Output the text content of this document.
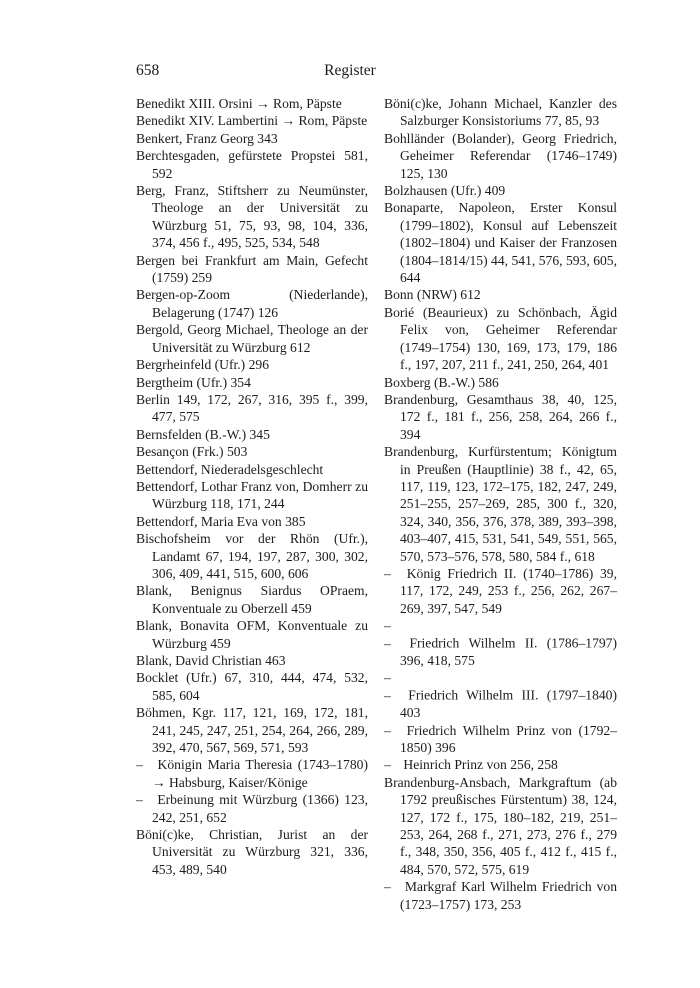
658	Register

Benedikt XIII. Orsini → Rom, Päpste

Benedikt XIV. Lambertini → Rom, Päpste

Benkert, Franz Georg 343

Berchtesgaden, gefürstete Propstei 581, 592

Berg, Franz, Stiftsherr zu Neumünster, Theologe an der Universität zu Würzburg 51, 75, 93, 98, 104, 336, 374, 456 f., 495, 525, 534, 548

Bergen bei Frankfurt am Main, Gefecht (1759) 259

Bergen-op-Zoom (Niederlande), Belagerung (1747) 126

Bergold, Georg Michael, Theologe an der Universität zu Würzburg 612

Bergrheinfeld (Ufr.) 296

Bergtheim (Ufr.) 354

Berlin 149, 172, 267, 316, 395 f., 399, 477, 575

Bernsfelden (B.-W.) 345

Besançon (Frk.) 503

Bettendorf, Niederadelsgeschlecht

Bettendorf, Lothar Franz von, Domherr zu Würzburg 118, 171, 244

Bettendorf, Maria Eva von 385

Bischofsheim vor der Rhön (Ufr.), Landamt 67, 194, 197, 287, 300, 302, 306, 409, 441, 515, 600, 606

Blank, Benignus Siardus OPraem, Konventuale zu Oberzell 459

Blank, Bonavita OFM, Konventuale zu Würzburg 459

Blank, David Christian 463

Bocklet (Ufr.) 67, 310, 444, 474, 532, 585, 604

Böhmen, Kgr. 117, 121, 169, 172, 181, 241, 245, 247, 251, 254, 264, 266, 289, 392, 470, 567, 569, 571, 593

– Königin Maria Theresia (1743–1780) → Habsburg, Kaiser/Könige

– Erbeinung mit Würzburg (1366) 123, 242, 251, 652

Böni(c)ke, Christian, Jurist an der Universität zu Würzburg 321, 336, 453, 489, 540

Böni(c)ke, Johann Michael, Kanzler des Salzburger Konsistoriums 77, 85, 93

Bohlländer (Bolander), Georg Friedrich, Geheimer Referendar (1746–1749) 125, 130

Bolzhausen (Ufr.) 409

Bonaparte, Napoleon, Erster Konsul (1799–1802), Konsul auf Lebenszeit (1802–1804) und Kaiser der Franzosen (1804–1814/15) 44, 541, 576, 593, 605, 644

Bonn (NRW) 612

Borié (Beaurieux) zu Schönbach, Ägid Felix von, Geheimer Referendar (1749–1754) 130, 169, 173, 179, 186 f., 197, 207, 211 f., 241, 250, 264, 401

Boxberg (B.-W.) 586

Brandenburg, Gesamthaus 38, 40, 125, 172 f., 181 f., 256, 258, 264, 266 f., 394

Brandenburg, Kurfürstentum; Königtum in Preußen (Hauptlinie) 38 f., 42, 65, 117, 119, 123, 172–175, 182, 247, 249, 251–255, 257–269, 285, 300 f., 320, 324, 340, 356, 376, 378, 389, 393–398, 403–407, 415, 531, 541, 549, 551, 565, 570, 573–576, 578, 580, 584 f., 618

– König Friedrich II. (1740–1786) 39, 117, 172, 249, 253 f., 256, 262, 267–269, 397, 547, 549

– – Friedrich Wilhelm II. (1786–1797) 396, 418, 575

– – Friedrich Wilhelm III. (1797–1840) 403

– Friedrich Wilhelm Prinz von (1792–1850) 396

– Heinrich Prinz von 256, 258

Brandenburg-Ansbach, Markgraftum (ab 1792 preußisches Fürstentum) 38, 124, 127, 172 f., 175, 180–182, 219, 251–253, 264, 268 f., 271, 273, 276 f., 279 f., 348, 350, 356, 405 f., 412 f., 415 f., 484, 570, 572, 575, 619

– Markgraf Karl Wilhelm Friedrich von (1723–1757) 173, 253
